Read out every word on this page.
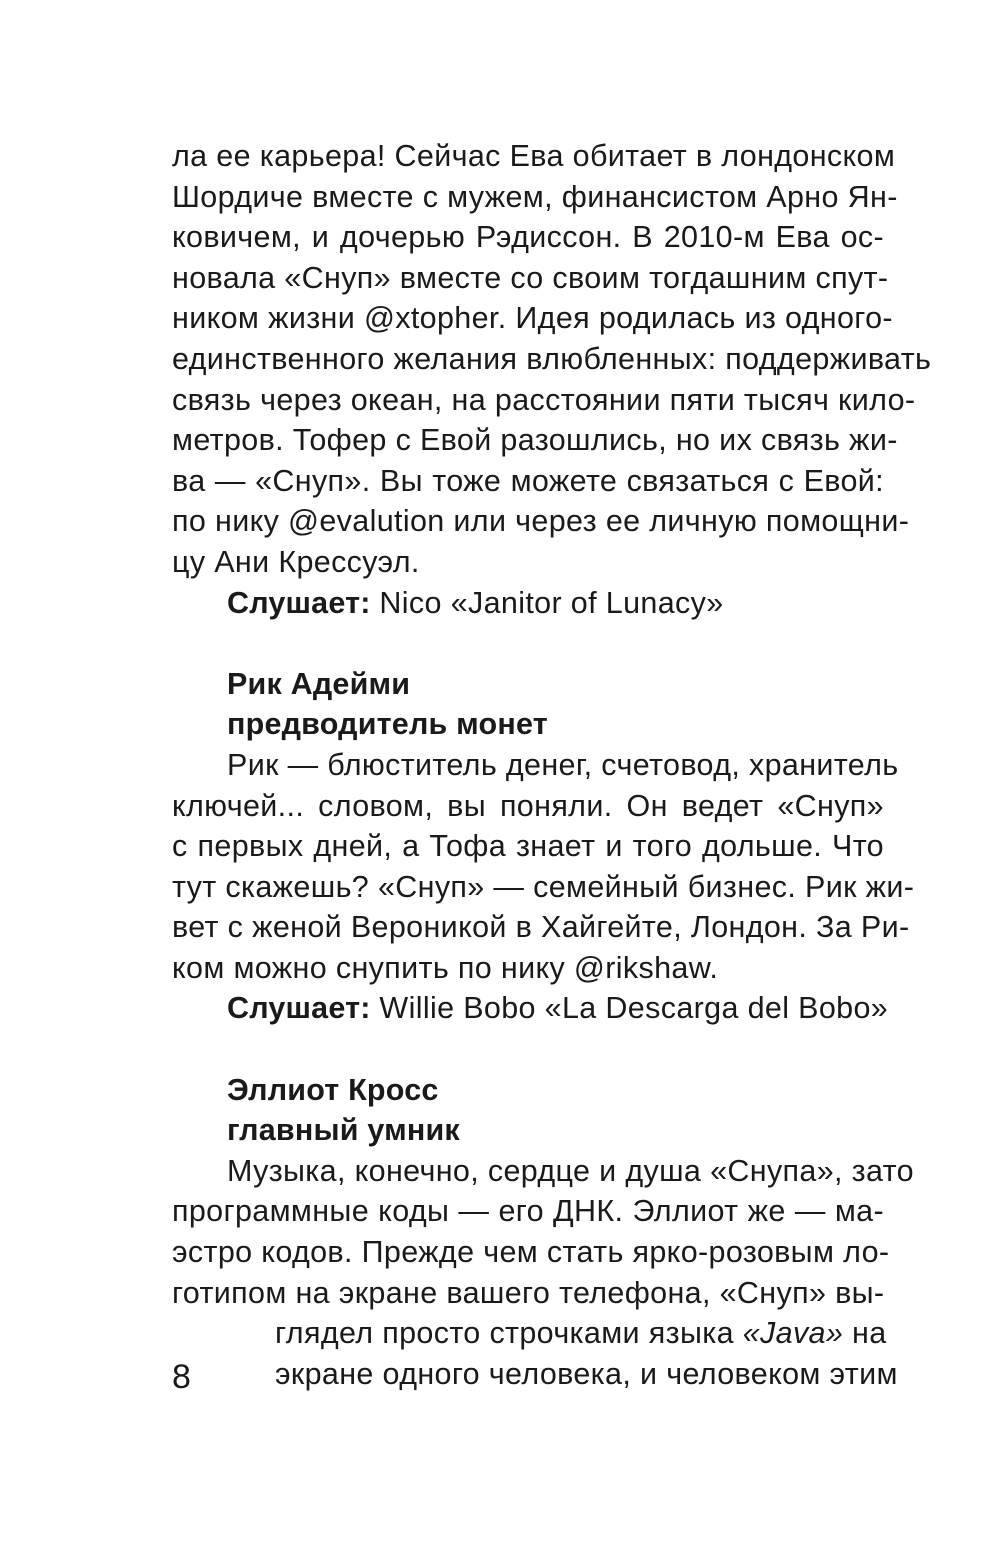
ла ее карьера! Сейчас Ева обитает в лондонском
Шордиче вместе с мужем, финансистом Арно Ян-
ковичем, и дочерью Рэдиссон. В 2010-м Ева ос-
новала «Снуп» вместе со своим тогдашним спут-
ником жизни @xtopher. Идея родилась из одного-
единственного желания влюбленных: поддерживать
связь через океан, на расстоянии пяти тысяч кило-
метров. Тофер с Евой разошлись, но их связь жи-
ва — «Снуп». Вы тоже можете связаться с Евой:
по нику @evalution или через ее личную помощни-
цу Ани Крессуэл.
Слушает: Nico «Janitor of Lunacy»
Рик Адейми
предводитель монет
Рик — блюститель денег, счетовод, хранитель
ключей... словом, вы поняли. Он ведет «Снуп»
с первых дней, а Тофа знает и того дольше. Что
тут скажешь? «Снуп» — семейный бизнес. Рик жи-
вет с женой Вероникой в Хайгейте, Лондон. За Ри-
ком можно снупить по нику @rikshaw.
Слушает: Willie Bobo «La Descarga del Bobo»
Эллиот Кросс
главный умник
Музыка, конечно, сердце и душа «Снупа», зато
программные коды — его ДНК. Эллиот же — ма-
эстро кодов. Прежде чем стать ярко-розовым ло-
готипом на экране вашего телефона, «Снуп» вы-
глядел просто строчками языка «Java» на
экране одного человека, и человеком этим
8
